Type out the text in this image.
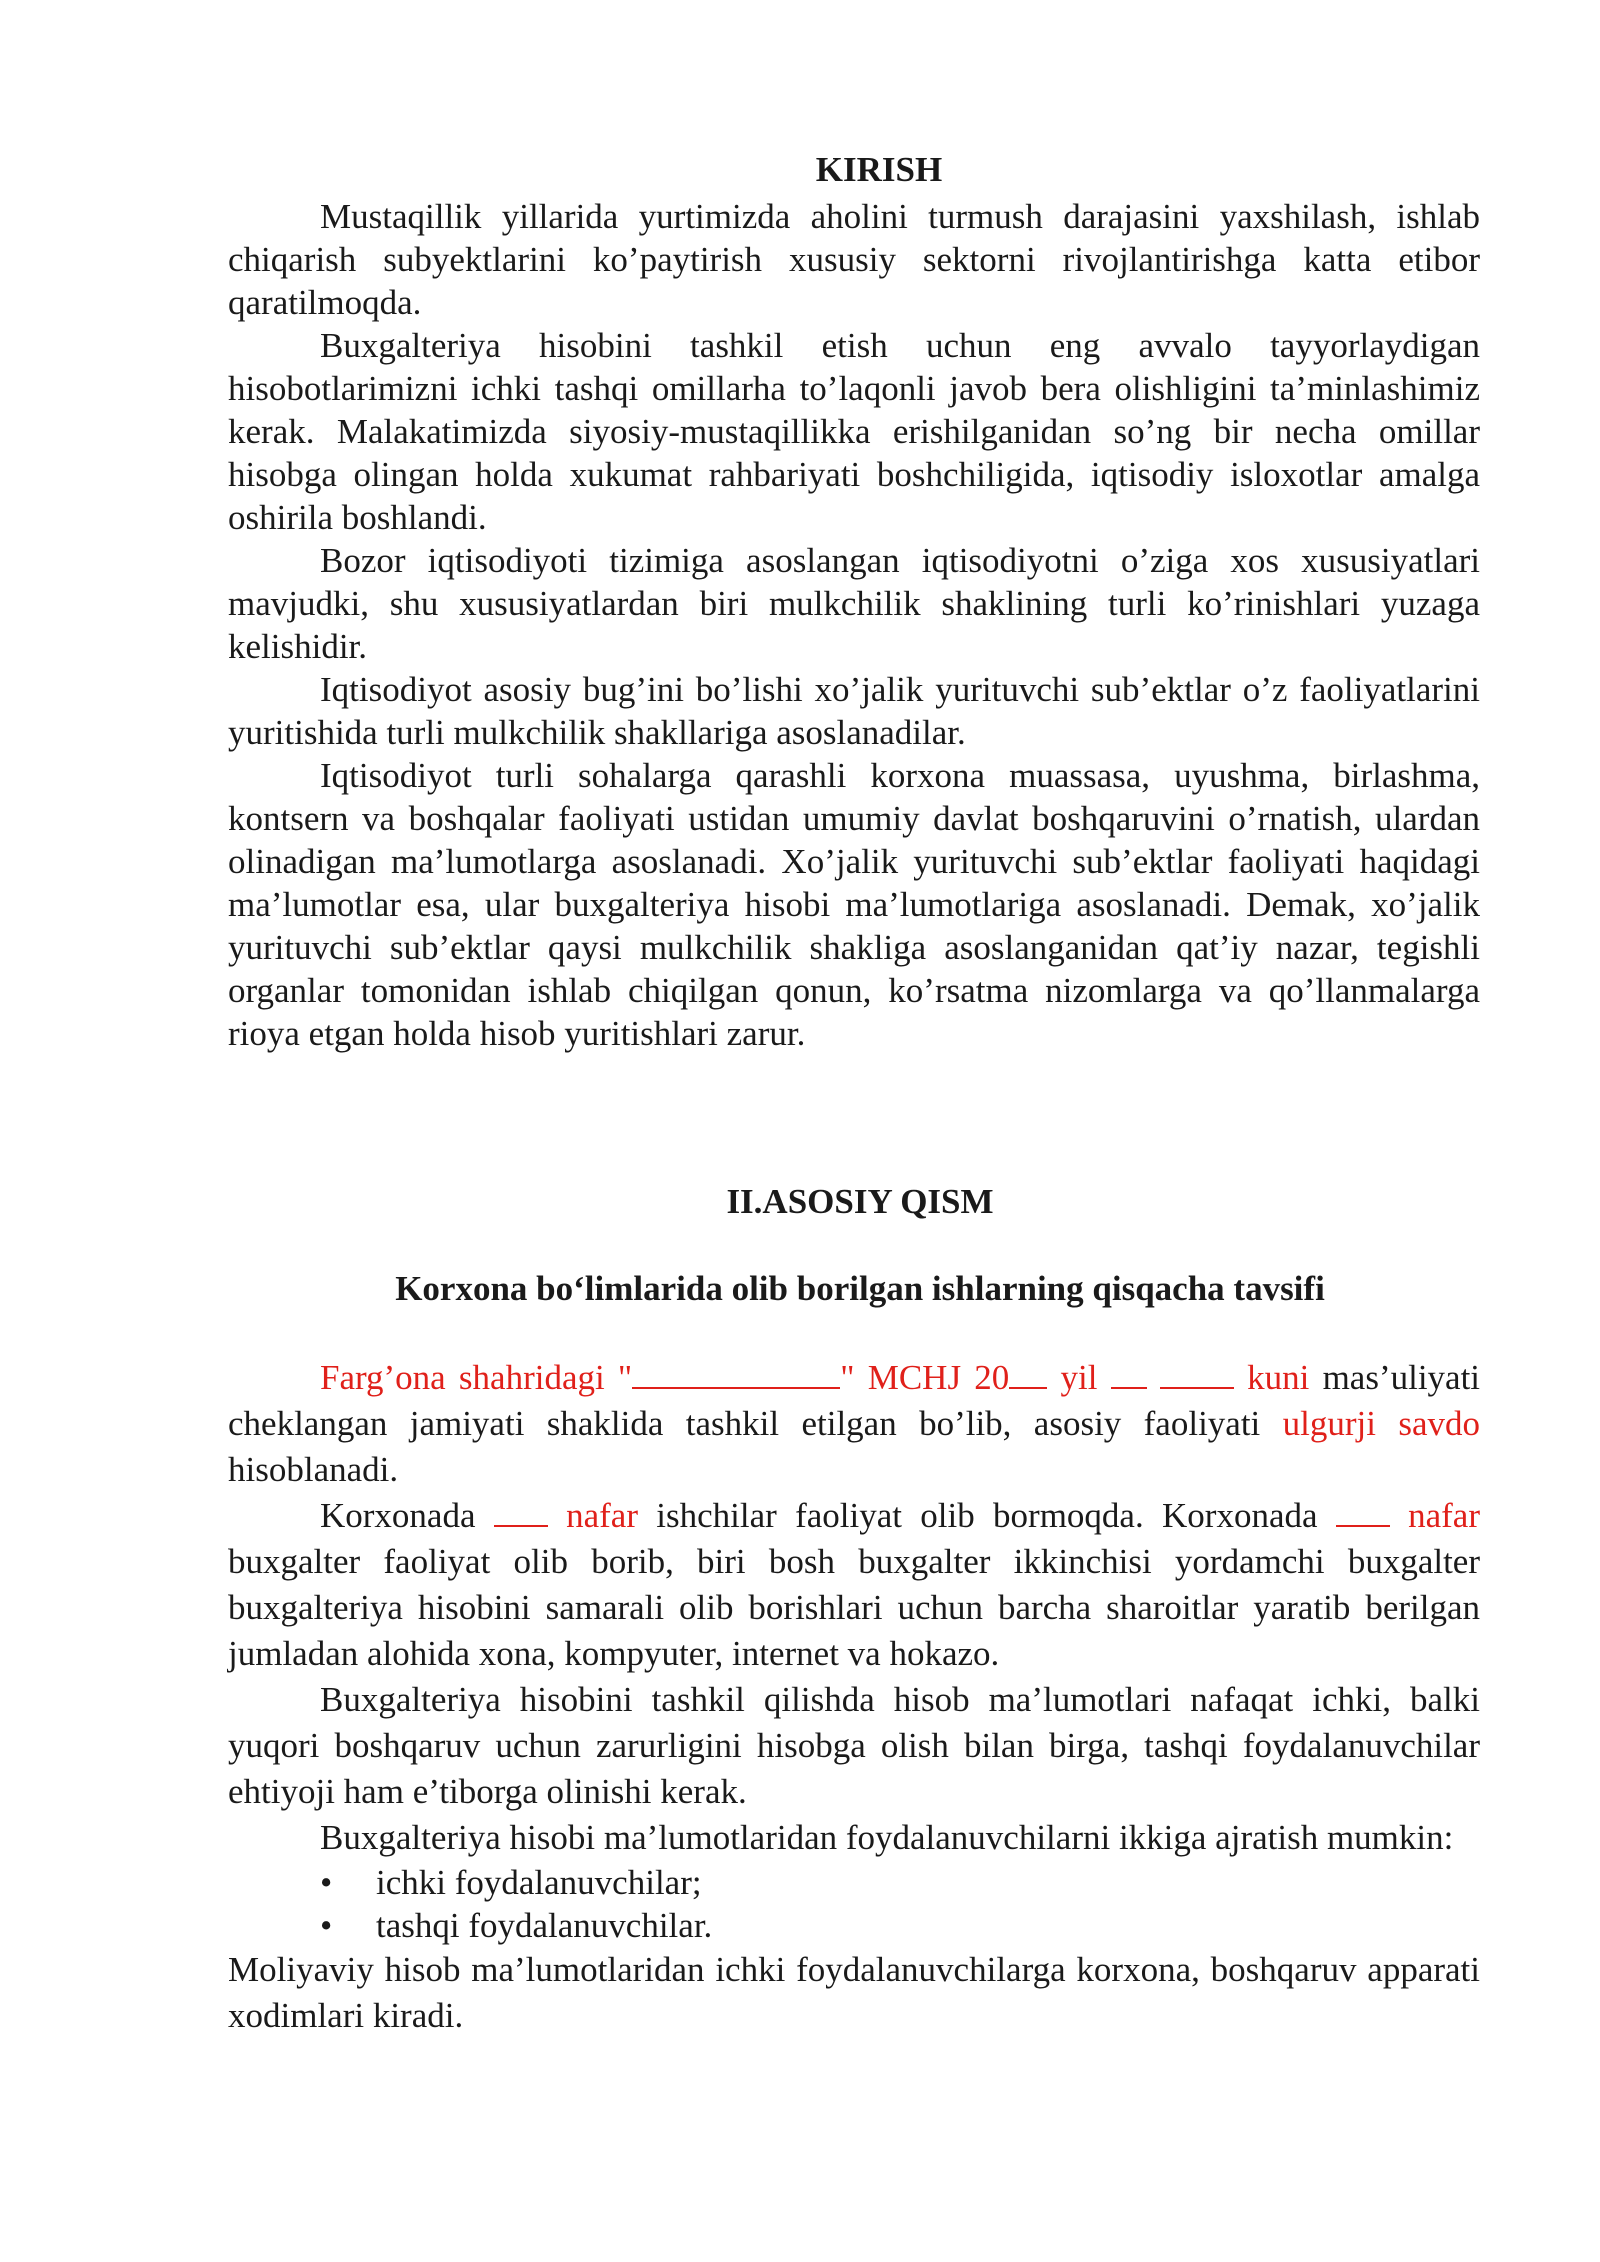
KIRISH

Mustaqillik yillarida yurtimizda aholini turmush darajasini yaxshilash, ishlab chiqarish subyektlarini ko’paytirish xususiy sektorni rivojlantirishga katta etibor qaratilmoqda.

Buxgalteriya hisobini tashkil etish uchun eng avvalo tayyorlaydigan hisobotlarimizni ichki tashqi omillarha to’laqonli javob bera olishligini ta’minlashimiz kerak. Malakatimizda siyosiy-mustaqillikka erishilganidan so’ng bir necha omillar hisobga olingan holda xukumat rahbariyati boshchiligida, iqtisodiy isloxotlar amalga oshirila boshlandi.

Bozor iqtisodiyoti tizimiga asoslangan iqtisodiyotni o’ziga xos xususiyatlari mavjudki, shu xususiyatlardan biri mulkchilik shaklining turli ko’rinishlari yuzaga kelishidir.

Iqtisodiyot asosiy bug’ini bo’lishi xo’jalik yurituvchi sub’ektlar o’z faoliyatlarini yuritishida turli mulkchilik shakllariga asoslanadilar.

Iqtisodiyot turli sohalarga qarashli korxona muassasa, uyushma, birlashma, kontsern va boshqalar faoliyati ustidan umumiy davlat boshqaruvini o’rnatish, ulardan olinadigan ma’lumotlarga asoslanadi. Xo’jalik yurituvchi sub’ektlar faoliyati haqidagi ma’lumotlar esa, ular buxgalteriya hisobi ma’lumotlariga asoslanadi. Demak, xo’jalik yurituvchi sub’ektlar qaysi mulkchilik shakliga asoslanganidan qat’iy nazar, tegishli organlar tomonidan ishlab chiqilgan qonun, ko’rsatma nizomlarga va qo’llanmalarga rioya etgan holda hisob yuritishlari zarur.

II.ASOSIY QISM
Korxona bo‘limlarida olib borilgan ishlarning qisqacha tavsifi

Farg’ona shahridagi "	" MCHJ 20 yil	kuni mas’uliyati cheklangan jamiyati shaklida tashkil etilgan bo’lib, asosiy faoliyati ulgurji savdo hisoblanadi.

Korxonada  nafar ishchilar faoliyat olib bormoqda. Korxonada  nafar buxgalter faoliyat olib borib, biri bosh buxgalter ikkinchisi yordamchi buxgalter buxgalteriya hisobini samarali olib borishlari uchun barcha sharoitlar yaratib berilgan jumladan alohida xona, kompyuter, internet va hokazo.

Buxgalteriya hisobini tashkil qilishda hisob ma’lumotlari nafaqat ichki, balki yuqori boshqaruv uchun zarurligini hisobga olish bilan birga, tashqi foydalanuvchilar ehtiyoji ham e’tiborga olinishi kerak.

Buxgalteriya hisobi ma’lumotlaridan foydalanuvchilarni ikkiga ajratish mumkin:

• ichki foydalanuvchilar;
• tashqi foydalanuvchilar.

Moliyaviy hisob ma’lumotlaridan ichki foydalanuvchilarga korxona, boshqaruv apparati xodimlari kiradi.
